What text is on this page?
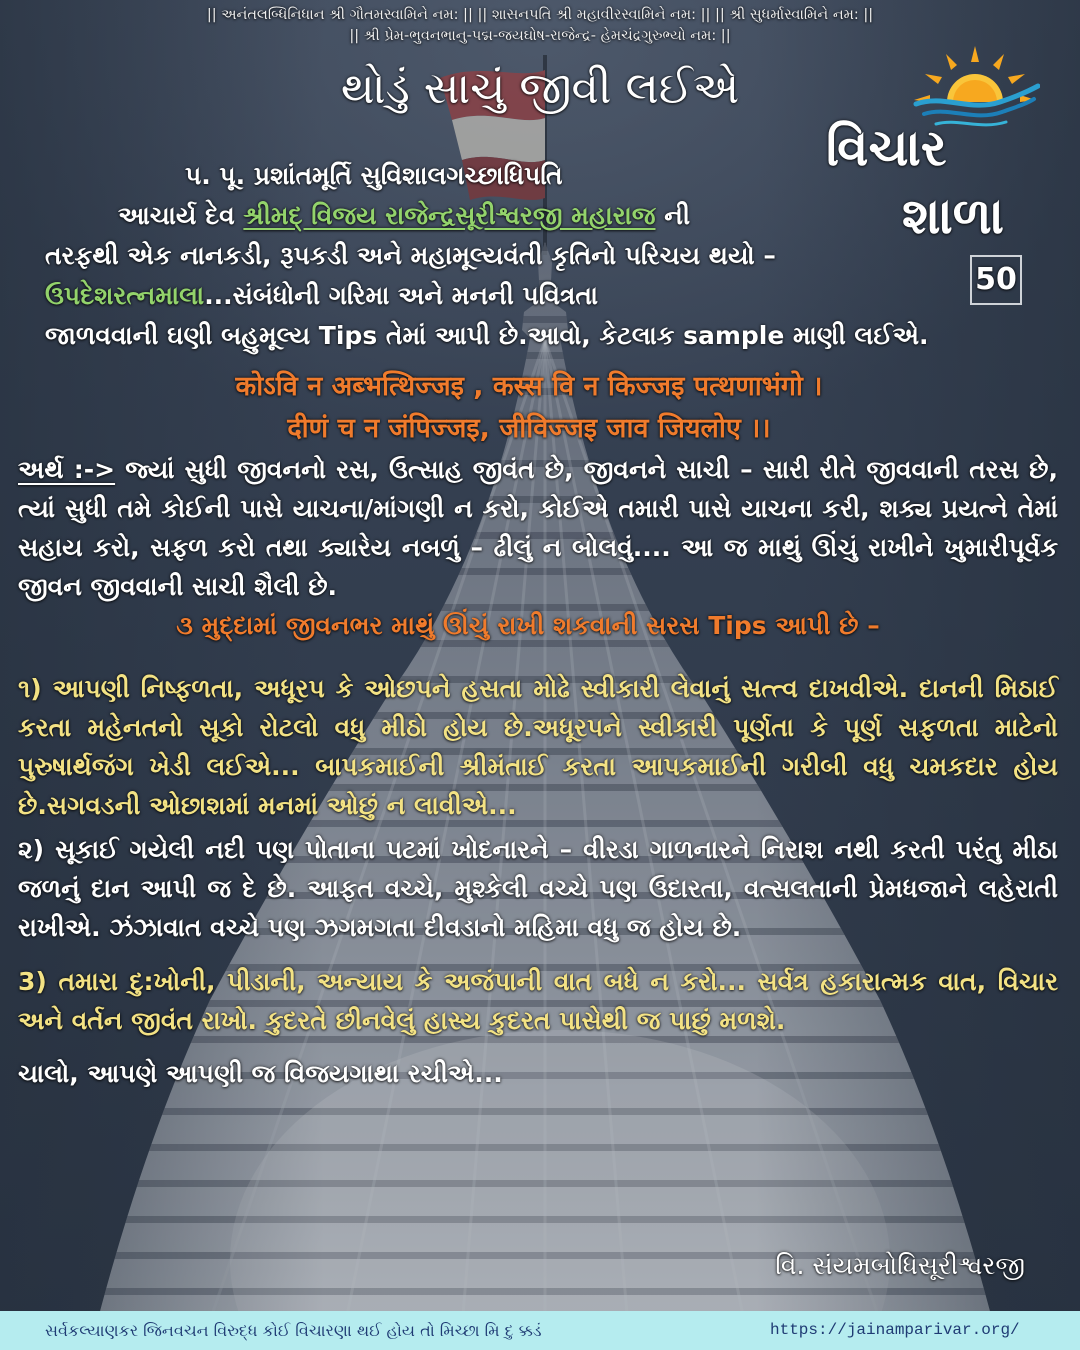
|| અનંતલબ્ધિનિધાન શ્રી ગૌતમસ્વામિને નમ: || || શાસનપતિ શ્રી મહાવીરસ્વામિને નમ: || || શ્રી સુધર્માસ્વામિને નમ: ||
|| શ્રી પ્રેમ-ભુવનભાનુ-પદ્મ-જયઘોષ-રાજેન્દ્ર- હેમચંદ્રગુરુભ્યો નમ: ||
થોડું સાચું જીવી લઈએ
વિચાર
શાળા
50
પ. પૂ. પ્રશાંતમૂર્તિ સુવિશાલગચ્છાધિપતિ
આચાર્ય દેવ શ્રીમદ્ વિજય રાજેન્દ્રસૂરીશ્વરજી મહારાજ ની
તરફથી એક નાનકડી, રૂપકડી અને મહામૂલ્યવંતી કૃતિનો પરિચય થયો –
ઉપદેશરત્નમાલા...સંબંધોની ગરિમા અને મનની પવિત્રતા
જાળવવાની ઘણી બહુમૂલ્ય Tips તેમાં આપી છે.આવો, કેટલાક sample માણી લઈએ.
कोऽवि न अब्भत्थिज्जइ , कस्स वि न किज्जइ पत्थणाभंगो ।
दीणं च न जंपिज्जइ, जीविज्जइ जाव जियलोए ।।

અર્થ :-> જ્યાં સુધી જીવનનો રસ, ઉત્સાહ જીવંત છે, જીવનને સાચી – સારી રીતે જીવવાની તરસ છે, ત્યાં સુધી તમે કોઈની પાસે યાચના/માંગણી ન કરો, કોઈએ તમારી પાસે યાચના કરી, શક્ય પ્રયત્ને તેમાં સહાય કરો, સફળ કરો તથા ક્યારેય નબળું – ઢીલું ન બોલવું.... આ જ માથું ઊંચું રાખીને ખુમારીપૂર્વક જીવન જીવવાની સાચી શૈલી છે.

૩ મુદ્દામાં જીવનભર માથું ઊંચું રાખી શકવાની સરસ Tips આપી છે –

૧) આપણી નિષ્ફળતા, અધૂરપ કે ઓછપને હસતા મોઢે સ્વીકારી લેવાનું સત્ત્વ દાખવીએ. દાનની મિઠાઈ કરતા મહેનતનો સૂકો રોટલો વધુ મીઠો હોય છે.અધૂરપને સ્વીકારી પૂર્ણતા કે પૂર્ણ સફળતા માટેનો પુરુષાર્થજંગ ખેડી લઈએ... બાપકમાઈની શ્રીમંતાઈ કરતા આપકમાઈની ગરીબી વધુ ચમકદાર હોય છે.સગવડની ઓછાશમાં મનમાં ઓછું ન લાવીએ...

૨) સૂકાઈ ગયેલી નદી પણ પોતાના પટમાં ખોદનારને – વીરડા ગાળનારને નિરાશ નથી કરતી પરંતુ મીઠા જળનું દાન આપી જ દે છે. આફત વચ્ચે, મુશ્કેલી વચ્ચે પણ ઉદારતા, વત્સલતાની પ્રેમધજાને લહેરાતી રાખીએ. ઝંઝાવાત વચ્ચે પણ ઝગમગતા દીવડાનો મહિમા વધુ જ હોય છે.

3) તમારા દુ:ખોની, પીડાની, અન્યાય કે અજંપાની વાત બધે ન કરો... સર્વત્ર હકારાત્મક વાત, વિચાર અને વર્તન જીવંત રાખો. કુદરતે છીનવેલું હાસ્ય કુદરત પાસેથી જ પાછું મળશે.

ચાલો, આપણે આપણી જ વિજયગાથા રચીએ...
વિ. સંયમબોધિસૂરીશ્વરજી
સર્વકલ્યાણકર જિનવચન વિરુદ્ધ કોઈ વિચારણા થઈ હોય તો મિચ્છા મિ દુ ક્કડં	https://jainamparivar.org/
